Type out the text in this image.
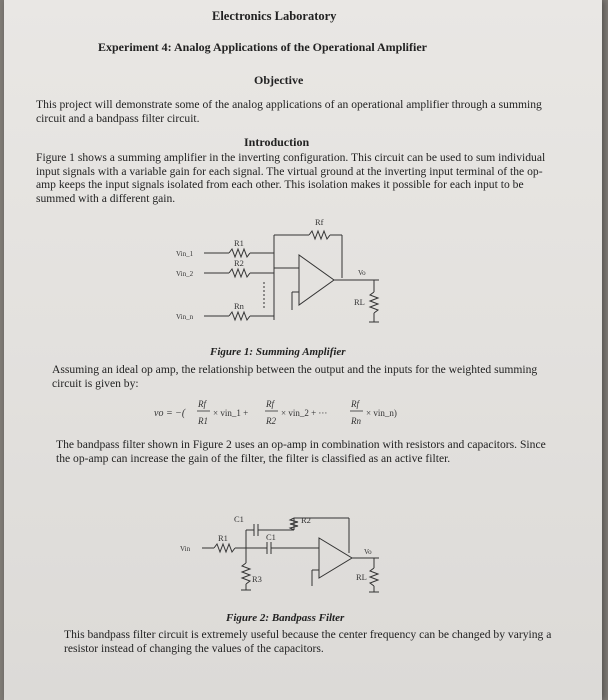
Electronics Laboratory
Experiment 4: Analog Applications of the Operational Amplifier
Objective
This project will demonstrate some of the analog applications of an operational amplifier through a summing circuit and a bandpass filter circuit.
Introduction
Figure 1 shows a summing amplifier in the inverting configuration. This circuit can be used to sum individual input signals with a variable gain for each signal. The virtual ground at the inverting input terminal of the op-amp keeps the input signals isolated from each other. This isolation makes it possible for each input to be summed with a different gain.
Rf
R1
R2
Rn
Vin_1
Vin_2
Vin_n
Vo
RL
Figure 1: Summing Amplifier
Assuming an ideal op amp, the relationship between the output and the inputs for the weighted summing circuit is given by:
vo = −(
Rf
R1
× vin_1 +
Rf
R2
× vin_2 + ···
Rf
Rn
× vin_n)
The bandpass filter shown in Figure 2 uses an op-amp in combination with resistors and capacitors. Since the op-amp can increase the gain of the filter, the filter is classified as an active filter.
C1
C1
R1
R2
R3
Vin	Vo
RL
Figure 2: Bandpass Filter
This bandpass filter circuit is extremely useful because the center frequency can be changed by varying a resistor instead of changing the values of the capacitors.
